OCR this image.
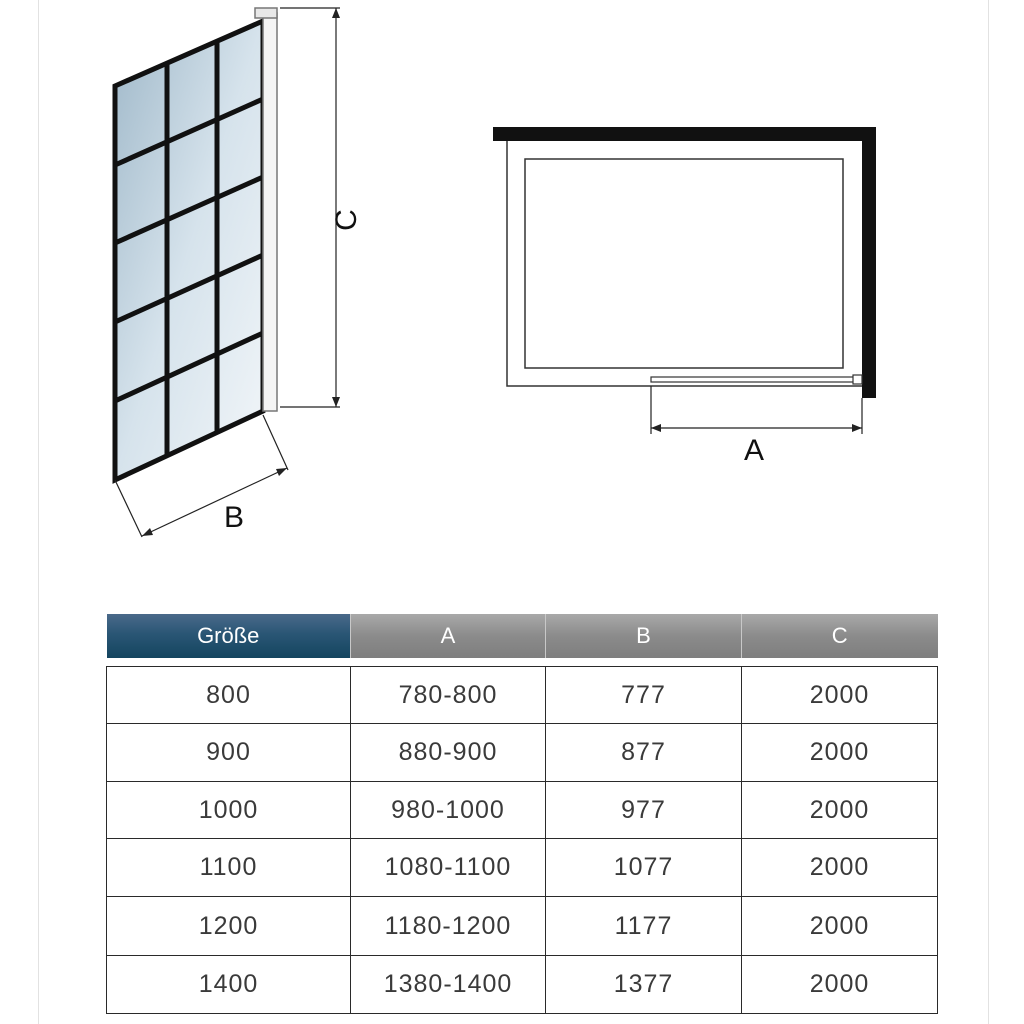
C
B
A
Größe	A	B	C

800	780-800	777	2000
900	880-900	877	2000
1000	980-1000	977	2000
1100	1080-1100	1077	2000
1200	1180-1200	1177	2000
1400	1380-1400	1377	2000
